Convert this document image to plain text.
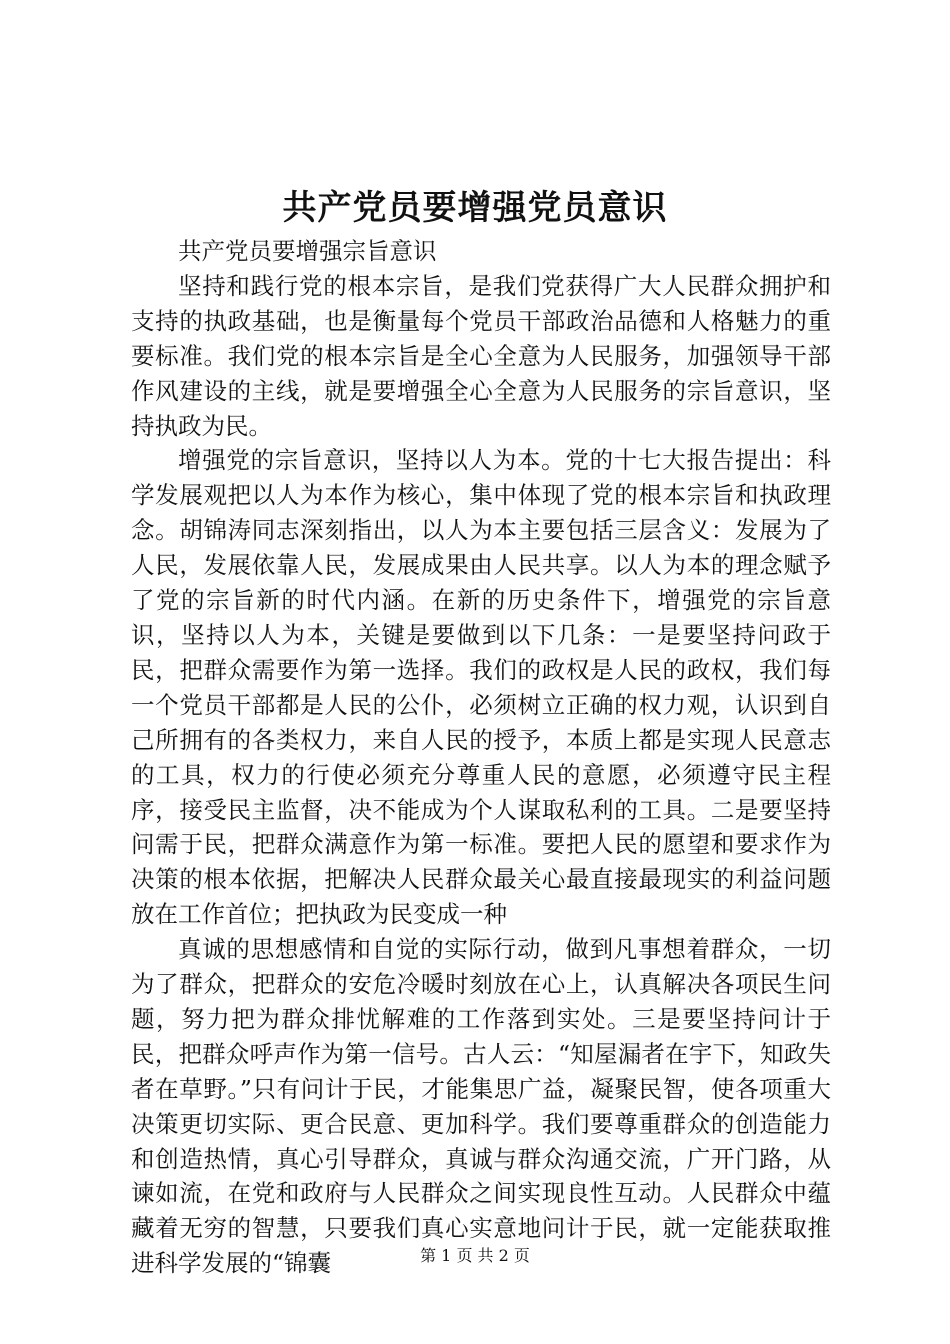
共产党员要增强党员意识

共产党员要增强宗旨意识

坚持和践行党的根本宗旨，是我们党获得广大人民群众拥护和支持的执政基础，也是衡量每个党员干部政治品德和人格魅力的重要标准。我们党的根本宗旨是全心全意为人民服务，加强领导干部作风建设的主线，就是要增强全心全意为人民服务的宗旨意识，坚持执政为民。

增强党的宗旨意识，坚持以人为本。党的十七大报告提出：科学发展观把以人为本作为核心，集中体现了党的根本宗旨和执政理念。胡锦涛同志深刻指出，以人为本主要包括三层含义：发展为了人民，发展依靠人民，发展成果由人民共享。以人为本的理念赋予了党的宗旨新的时代内涵。在新的历史条件下，增强党的宗旨意识，坚持以人为本，关键是要做到以下几条：一是要坚持问政于民，把群众需要作为第一选择。我们的政权是人民的政权，我们每一个党员干部都是人民的公仆，必须树立正确的权力观，认识到自己所拥有的各类权力，来自人民的授予，本质上都是实现人民意志的工具，权力的行使必须充分尊重人民的意愿，必须遵守民主程序，接受民主监督，决不能成为个人谋取私利的工具。二是要坚持问需于民，把群众满意作为第一标准。要把人民的愿望和要求作为决策的根本依据，把解决人民群众最关心最直接最现实的利益问题放在工作首位；把执政为民变成一种

真诚的思想感情和自觉的实际行动，做到凡事想着群众，一切为了群众，把群众的安危冷暖时刻放在心上，认真解决各项民生问题，努力把为群众排忧解难的工作落到实处。三是要坚持问计于民，把群众呼声作为第一信号。古人云：“知屋漏者在宇下，知政失者在草野。”只有问计于民，才能集思广益，凝聚民智，使各项重大决策更切实际、更合民意、更加科学。我们要尊重群众的创造能力和创造热情，真心引导群众，真诚与群众沟通交流，广开门路，从谏如流，在党和政府与人民群众之间实现良性互动。人民群众中蕴藏着无穷的智慧，只要我们真心实意地问计于民，就一定能获取推进科学发展的“锦囊	第 1 页 共 2 页
